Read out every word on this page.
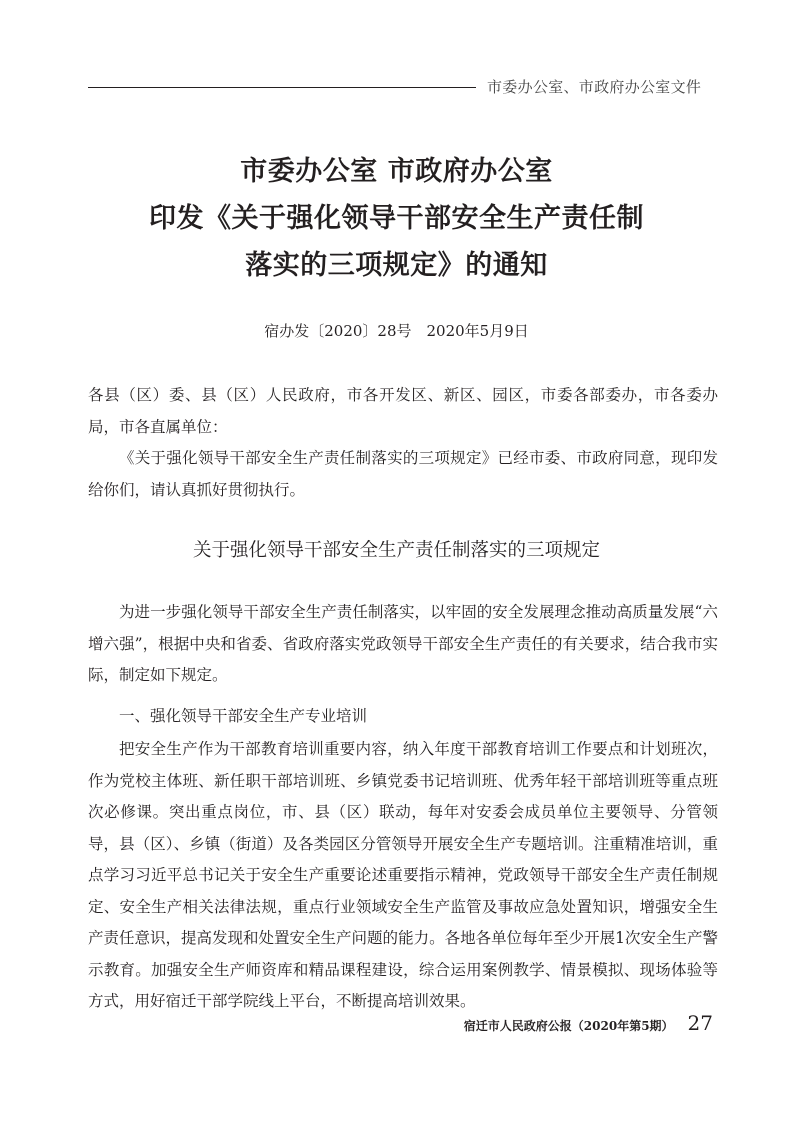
市委办公室、市政府办公室文件
市委办公室 市政府办公室
印发《关于强化领导干部安全生产责任制
落实的三项规定》的通知
宿办发〔2020〕28号　2020年5月9日

各县（区）委、县（区）人民政府，市各开发区、新区、园区，市委各部委办，市各委办局，市各直属单位：

《关于强化领导干部安全生产责任制落实的三项规定》已经市委、市政府同意，现印发给你们，请认真抓好贯彻执行。

关于强化领导干部安全生产责任制落实的三项规定

为进一步强化领导干部安全生产责任制落实，以牢固的安全发展理念推动高质量发展“六增六强”，根据中央和省委、省政府落实党政领导干部安全生产责任的有关要求，结合我市实际，制定如下规定。

一、强化领导干部安全生产专业培训

把安全生产作为干部教育培训重要内容，纳入年度干部教育培训工作要点和计划班次，作为党校主体班、新任职干部培训班、乡镇党委书记培训班、优秀年轻干部培训班等重点班次必修课。突出重点岗位，市、县（区）联动，每年对安委会成员单位主要领导、分管领导，县（区）、乡镇（街道）及各类园区分管领导开展安全生产专题培训。注重精准培训，重点学习习近平总书记关于安全生产重要论述重要指示精神，党政领导干部安全生产责任制规定、安全生产相关法律法规，重点行业领域安全生产监管及事故应急处置知识，增强安全生产责任意识，提高发现和处置安全生产问题的能力。各地各单位每年至少开展1次安全生产警示教育。加强安全生产师资库和精品课程建设，综合运用案例教学、情景模拟、现场体验等方式，用好宿迁干部学院线上平台，不断提高培训效果。

宿迁市人民政府公报（2020年第5期） 27
